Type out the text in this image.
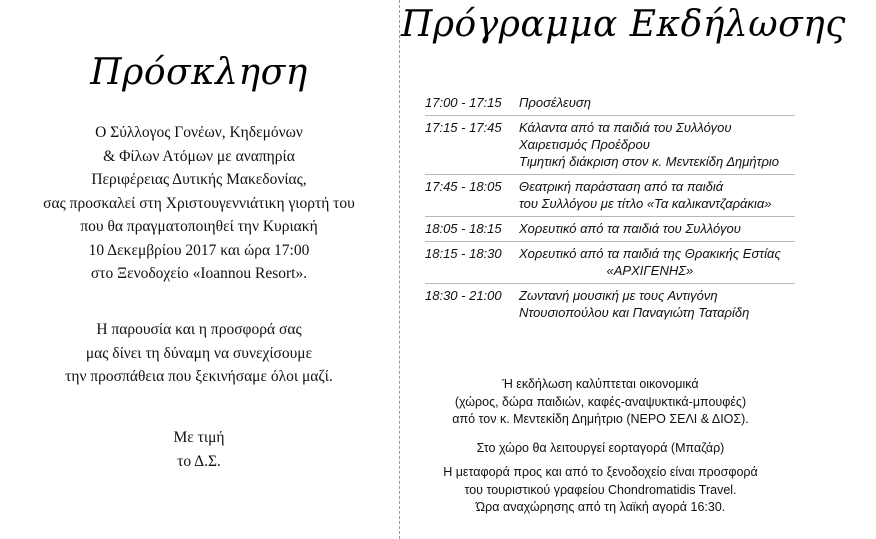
Πρόσκληση
Ο Σύλλογος Γονέων, Κηδεμόνων
& Φίλων Ατόμων με αναπηρία
Περιφέρειας Δυτικής Μακεδονίας,
σας προσκαλεί στη Χριστουγεννιάτικη γιορτή του
που θα πραγματοποιηθεί την Κυριακή
10 Δεκεμβρίου 2017 και ώρα 17:00
στο Ξενοδοχείο «Ioannou Resort».
Η παρουσία και η προσφορά σας
μας δίνει τη δύναμη να συνεχίσουμε
την προσπάθεια που ξεκινήσαμε όλοι μαζί.
Με τιμή
το Δ.Σ.
Πρόγραμμα Εκδήλωσης
17:00 - 17:15	Προσέλευση
17:15 - 17:45	Κάλαντα από τα παιδιά του Συλλόγου
Χαιρετισμός Προέδρου
Τιμητική διάκριση στον κ. Μεντεκίδη Δημήτριο
17:45 - 18:05	Θεατρική παράσταση από τα παιδιά
του Συλλόγου με τίτλο «Τα καλικαντζαράκια»
18:05 - 18:15	Χορευτικό από τα παιδιά του Συλλόγου
18:15 - 18:30	Χορευτικό από τα παιδιά της Θρακικής Εστίας
«ΑΡΧΙΓΕΝΗΣ»
18:30 - 21:00	Ζωντανή μουσική με τους Αντιγόνη
Ντουσιοπούλου και Παναγιώτη Ταταρίδη
Ή εκδήλωση καλύπτεται οικονομικά
(χώρος, δώρα παιδιών, καφές-αναψυκτικά-μπουφές)
από τον κ. Μεντεκίδη Δημήτριο (ΝΕΡΟ ΣΕΛΙ & ΔΙΟΣ).
Στο χώρο θα λειτουργεί εορταγορά (Μπαζάρ)
Η μεταφορά προς και από το ξενοδοχείο είναι προσφορά
του τουριστικού γραφείου Chondromatidis Travel.
Ώρα αναχώρησης από τη λαϊκή αγορά 16:30.
